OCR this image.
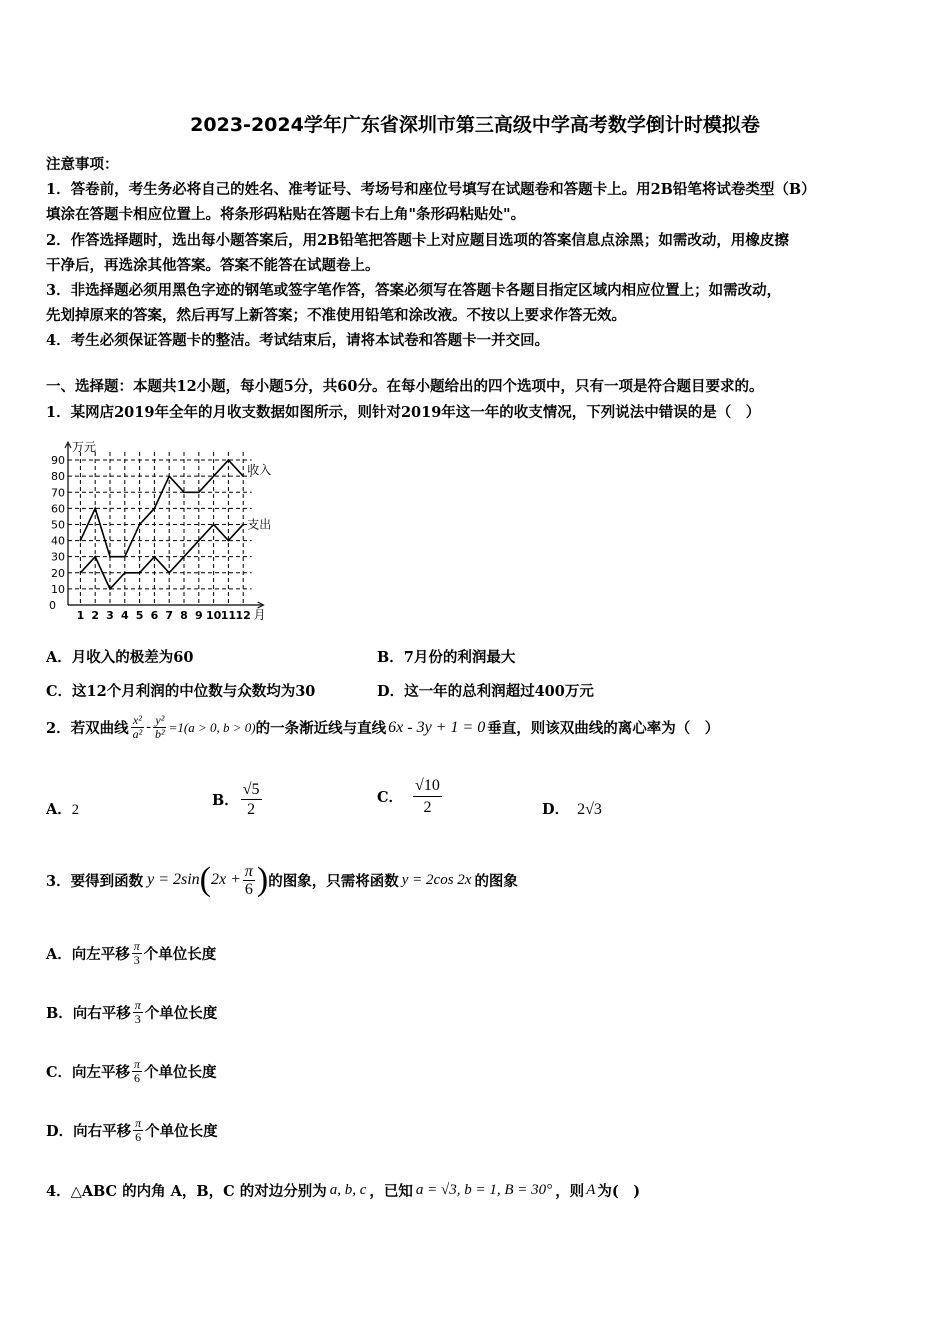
2023-2024学年广东省深圳市第三高级中学高考数学倒计时模拟卷
注意事项：
1．答卷前，考生务必将自己的姓名、准考证号、考场号和座位号填写在试题卷和答题卡上。用2B铅笔将试卷类型（B）
填涂在答题卡相应位置上。将条形码粘贴在答题卡右上角"条形码粘贴处"。
2．作答选择题时，选出每小题答案后，用2B铅笔把答题卡上对应题目选项的答案信息点涂黑；如需改动，用橡皮擦
干净后，再选涂其他答案。答案不能答在试题卷上。
3．非选择题必须用黑色字迹的钢笔或签字笔作答，答案必须写在答题卡各题目指定区域内相应位置上；如需改动，
先划掉原来的答案，然后再写上新答案；不准使用铅笔和涂改液。不按以上要求作答无效。
4．考生必须保证答题卡的整洁。考试结束后，请将本试卷和答题卡一并交回。
一、选择题：本题共12小题，每小题5分，共60分。在每小题给出的四个选项中，只有一项是符合题目要求的。
1．某网店2019年全年的月收支数据如图所示，则针对2019年这一年的收支情况，下列说法中错误的是（　）
0
10
20
30
40
50
60
70
80
90
1 2 3 4 5 6 7 8 9 10 11 12
万元
月
收入
支出
A．月收入的极差为60	B．7月份的利润最大
C．这12个月利润的中位数与众数均为30	D．这一年的总利润超过400万元
2．若双曲线 $\frac{\text{x²}}{\text{a²}} - \frac{\text{y²}}{\text{b²}} =1(a > 0$, b > 0) 的一条渐近线与直线 6x - 3y + 1 = 0 垂直，则该双曲线的离心率为（　）
A．2
B． $\frac{√5}{2}$	C． $\frac{√10}{2}$	D． 2√3
3．要得到函数 y = 2sin ( $2x + \frac{\pi}{6}$ ) 的图象，只需将函数 y = 2cos 2x 的图象
A．向左平移 $\frac{\pi}{3}$ 个单位长度
B．向右平移 $\frac{\pi}{3}$ 个单位长度
C．向左平移 $\frac{\pi}{6}$ 个单位长度
D．向右平移 $\frac{\pi}{6}$ 个单位长度
4．△ABC 的内角 A，B，C 的对边分别为 a, b, c ，已知 a = √3, b = 1, B = 30° ，则 A 为(　)
